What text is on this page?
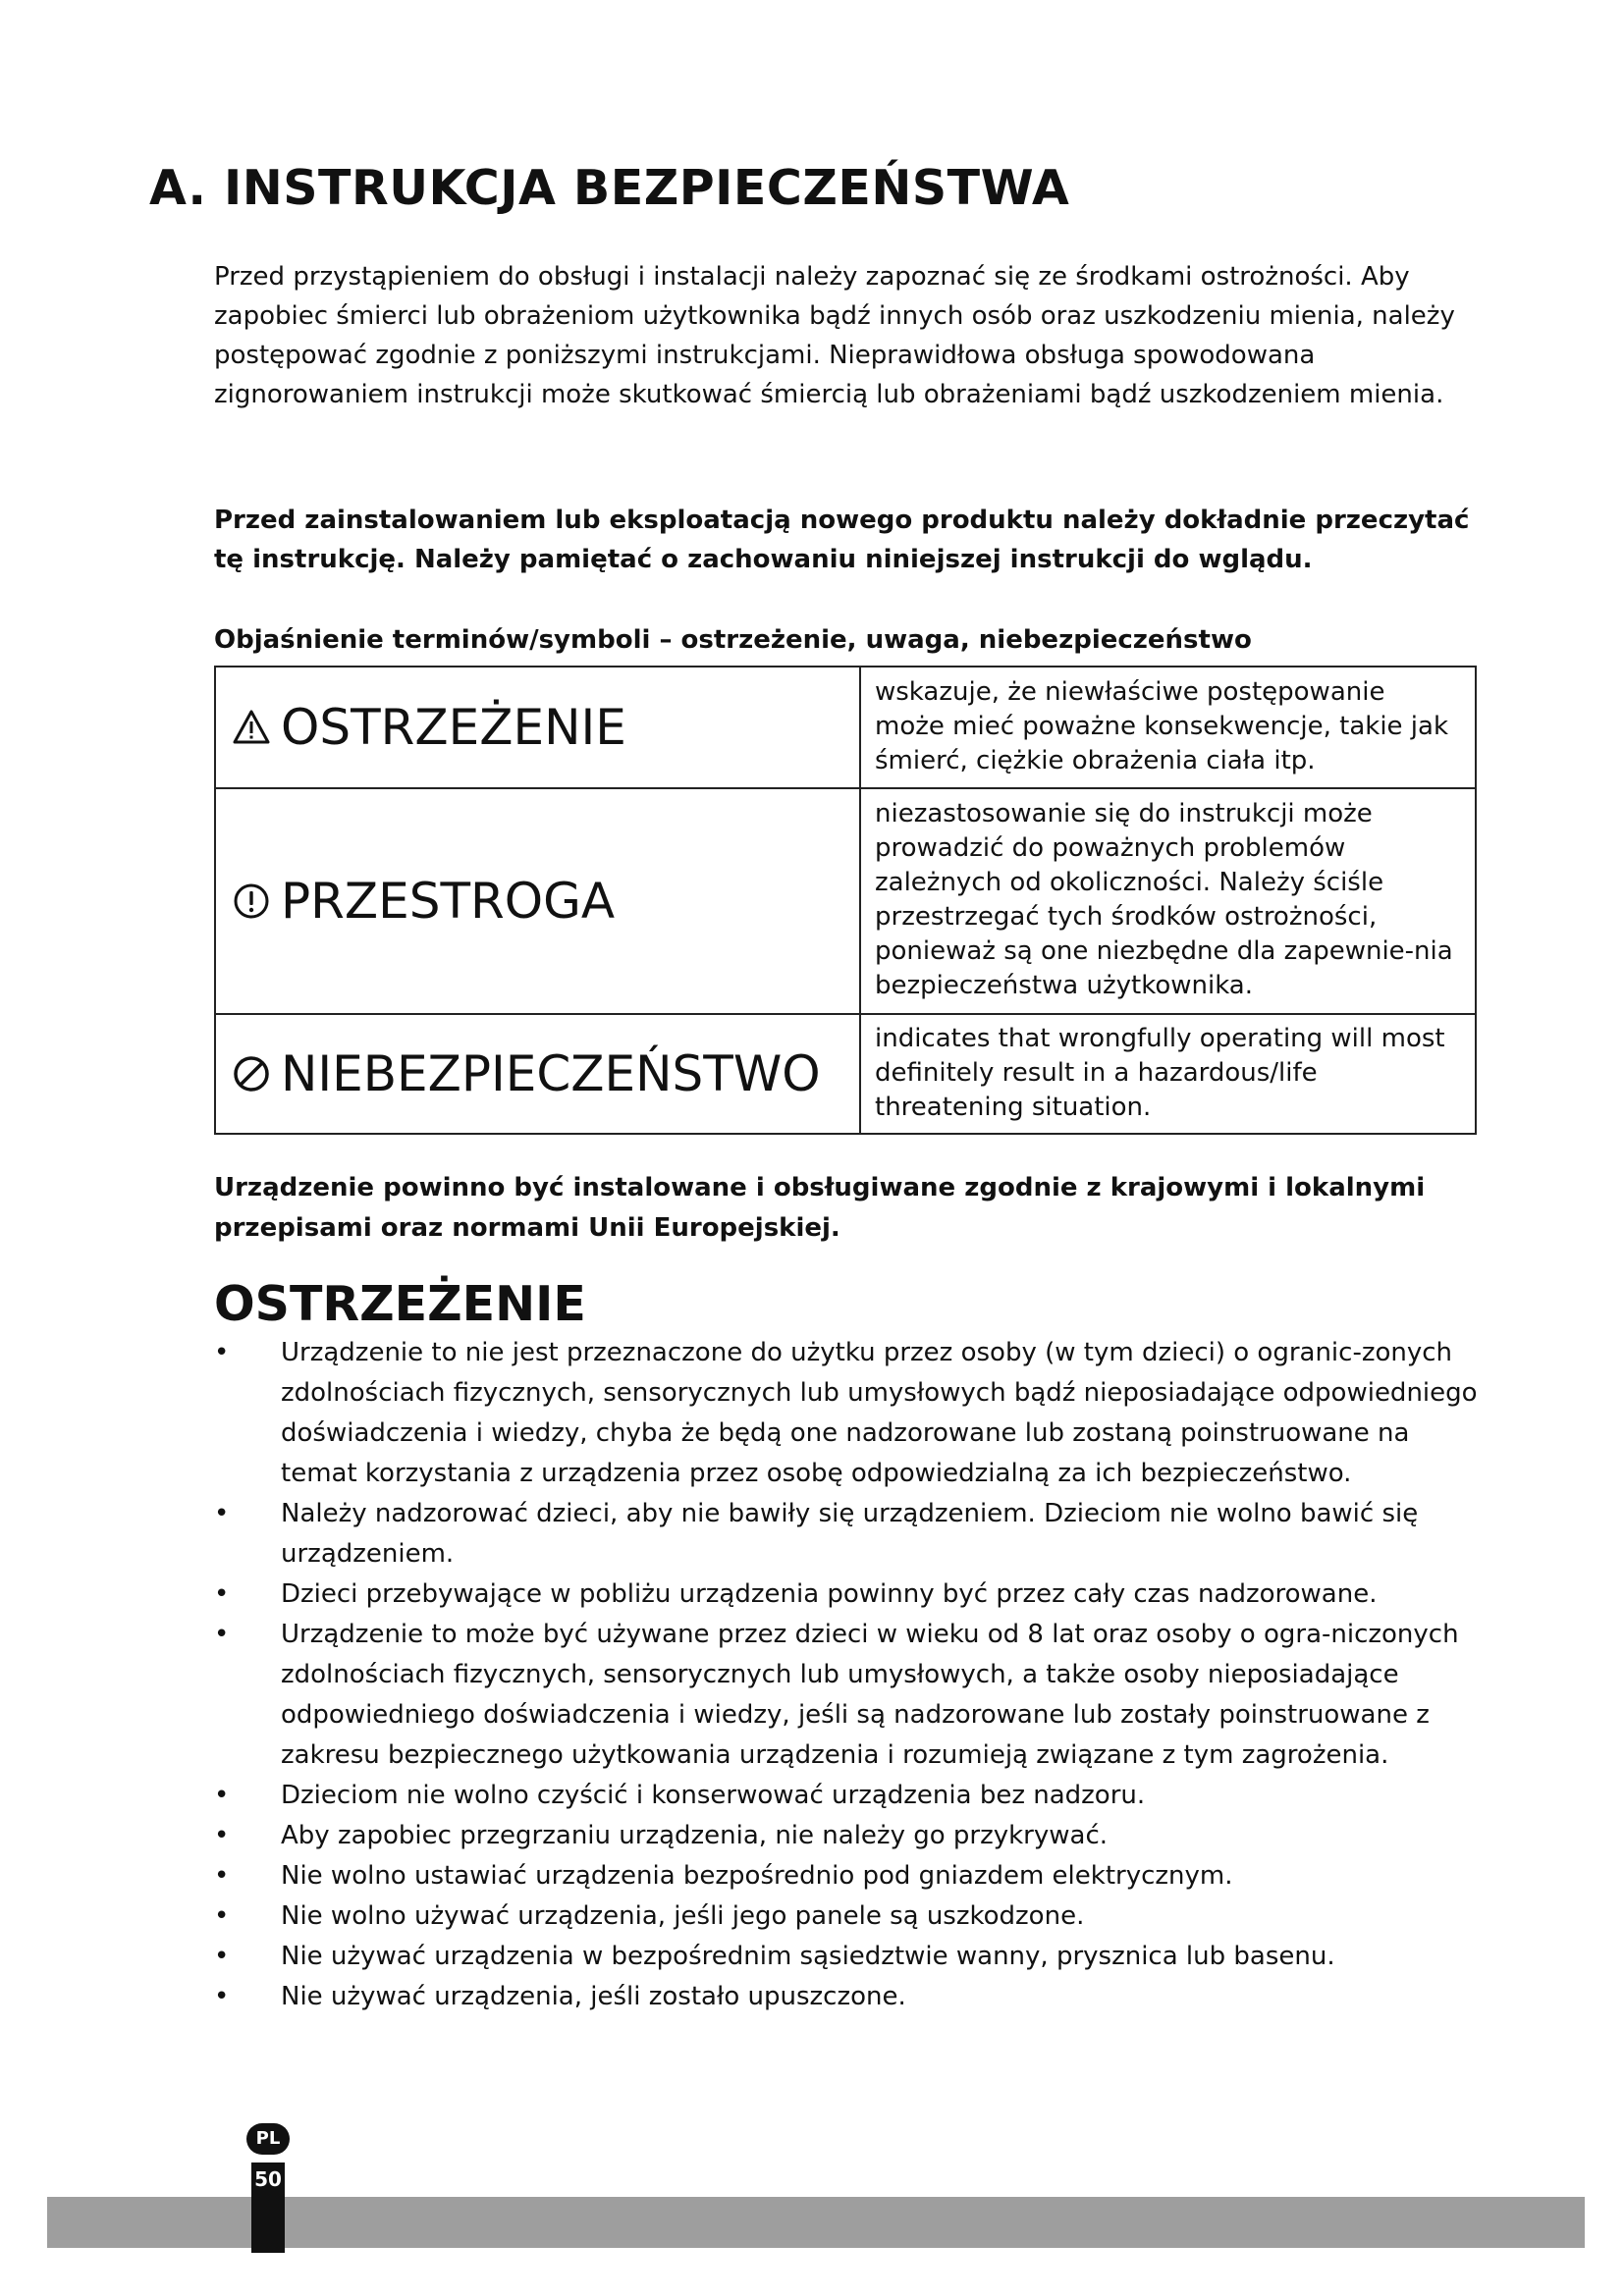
A. INSTRUKCJA BEZPIECZEŃSTWA

Przed przystąpieniem do obsługi i instalacji należy zapoznać się ze środkami ostrożności. Aby zapobiec śmierci lub obrażeniom użytkownika bądź innych osób oraz uszkodzeniu mienia, należy postępować zgodnie z poniższymi instrukcjami. Nieprawidłowa obsługa spowodowana zignorowaniem instrukcji może skutkować śmiercią lub obrażeniami bądź uszkodzeniem mienia.

Przed zainstalowaniem lub eksploatacją nowego produktu należy dokładnie przeczytać tę instrukcję. Należy pamiętać o zachowaniu niniejszej instrukcji do wglądu.

Objaśnienie terminów/symboli – ostrzeżenie, uwaga, niebezpieczeństwo

OSTRZEŻENIE	wskazuje, że niewłaściwe postępowanie może mieć poważne konsekwencje, takie jak śmierć, ciężkie obrażenia ciała itp.

PRZESTROGA	niezastosowanie się do instrukcji może prowadzić do poważnych problemów zależnych od okoliczności. Należy ściśle przestrzegać tych środków ostrożności, ponieważ są one niezbędne dla zapewnie-nia bezpieczeństwa użytkownika.

NIEBEZPIECZEŃSTWO	indicates that wrongfully operating will most definitely result in a hazardous/life threatening situation.

Urządzenie powinno być instalowane i obsługiwane zgodnie z krajowymi i lokalnymi przepisami oraz normami Unii Europejskiej.

OSTRZEŻENIE
• Urządzenie to nie jest przeznaczone do użytku przez osoby (w tym dzieci) o ogranic-zonych zdolnościach fizycznych, sensorycznych lub umysłowych bądź nieposiadające odpowiedniego doświadczenia i wiedzy, chyba że będą one nadzorowane lub zostaną poinstruowane na temat korzystania z urządzenia przez osobę odpowiedzialną za ich bezpieczeństwo.
• Należy nadzorować dzieci, aby nie bawiły się urządzeniem. Dzieciom nie wolno bawić się urządzeniem.
• Dzieci przebywające w pobliżu urządzenia powinny być przez cały czas nadzorowane.
• Urządzenie to może być używane przez dzieci w wieku od 8 lat oraz osoby o ogra-niczonych zdolnościach fizycznych, sensorycznych lub umysłowych, a także osoby nieposiadające odpowiedniego doświadczenia i wiedzy, jeśli są nadzorowane lub zostały poinstruowane z zakresu bezpiecznego użytkowania urządzenia i rozumieją związane z tym zagrożenia.
• Dzieciom nie wolno czyścić i konserwować urządzenia bez nadzoru.
• Aby zapobiec przegrzaniu urządzenia, nie należy go przykrywać.
• Nie wolno ustawiać urządzenia bezpośrednio pod gniazdem elektrycznym.
• Nie wolno używać urządzenia, jeśli jego panele są uszkodzone.
• Nie używać urządzenia w bezpośrednim sąsiedztwie wanny, prysznica lub basenu.
• Nie używać urządzenia, jeśli zostało upuszczone.
PL
50
